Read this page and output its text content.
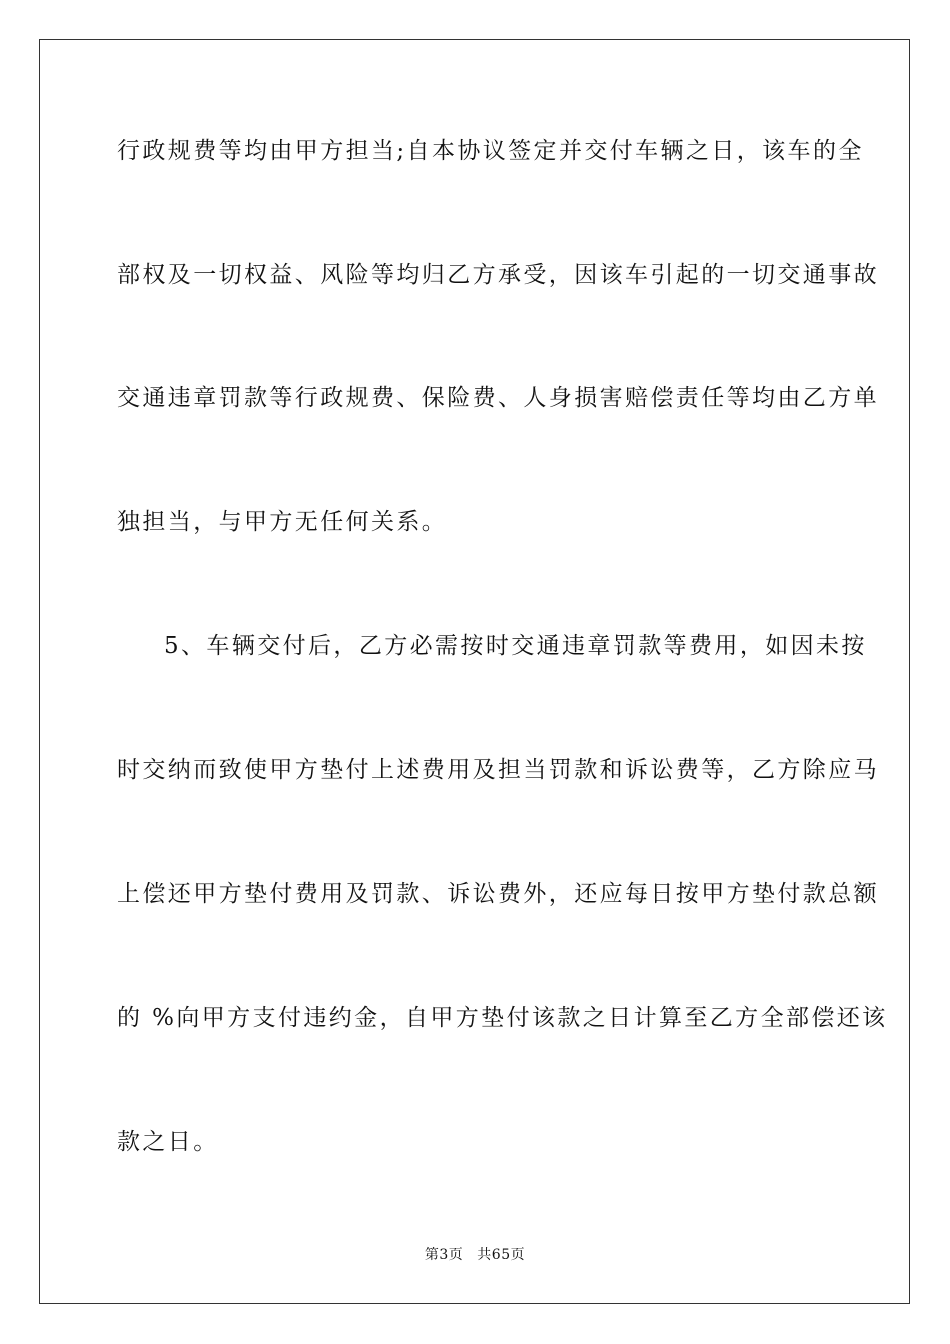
行政规费等均由甲方担当;自本协议签定并交付车辆之日，该车的全
部权及一切权益、风险等均归乙方承受，因该车引起的一切交通事故
交通违章罚款等行政规费、保险费、人身损害赔偿责任等均由乙方单
独担当，与甲方无任何关系。
5、车辆交付后，乙方必需按时交通违章罚款等费用，如因未按
时交纳而致使甲方垫付上述费用及担当罚款和诉讼费等，乙方除应马
上偿还甲方垫付费用及罚款、诉讼费外，还应每日按甲方垫付款总额
的 %向甲方支付违约金，自甲方垫付该款之日计算至乙方全部偿还该
款之日。
第3页 共65页
